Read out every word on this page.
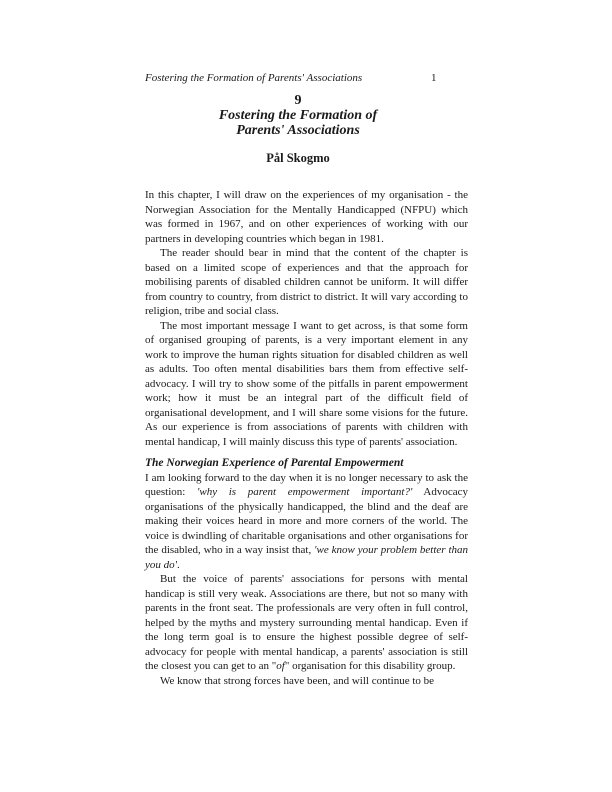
Fostering the Formation of Parents' Associations	1
9
Fostering the Formation of
Parents' Associations
Pål Skogmo

In this chapter, I will draw on the experiences of my organisation - the Norwegian Association for the Mentally Handicapped (NFPU) which was formed in 1967, and on other experiences of working with our partners in developing countries which began in 1981.

The reader should bear in mind that the content of the chapter is based on a limited scope of experiences and that the approach for mobilising parents of disabled children cannot be uniform. It will differ from country to country, from district to district. It will vary according to religion, tribe and social class.

The most important message I want to get across, is that some form of organised grouping of parents, is a very important element in any work to improve the human rights situation for disabled children as well as adults. Too often mental disabilities bars them from effective self-advocacy. I will try to show some of the pitfalls in parent empowerment work; how it must be an integral part of the difficult field of organisational development, and I will share some visions for the future. As our experience is from associations of parents with children with mental handicap, I will mainly discuss this type of parents' association.

The Norwegian Experience of Parental Empowerment

I am looking forward to the day when it is no longer necessary to ask the question: 'why is parent empowerment important?' Advocacy organisations of the physically handicapped, the blind and the deaf are making their voices heard in more and more corners of the world. The voice is dwindling of charitable organisations and other organisations for the disabled, who in a way insist that, 'we know your problem better than you do'.

But the voice of parents' associations for persons with mental handicap is still very weak. Associations are there, but not so many with parents in the front seat. The professionals are very often in full control, helped by the myths and mystery surrounding mental handicap. Even if the long term goal is to ensure the highest possible degree of self-advocacy for people with mental handicap, a parents' association is still the closest you can get to an "of" organisation for this disability group.

We know that strong forces have been, and will continue to be
